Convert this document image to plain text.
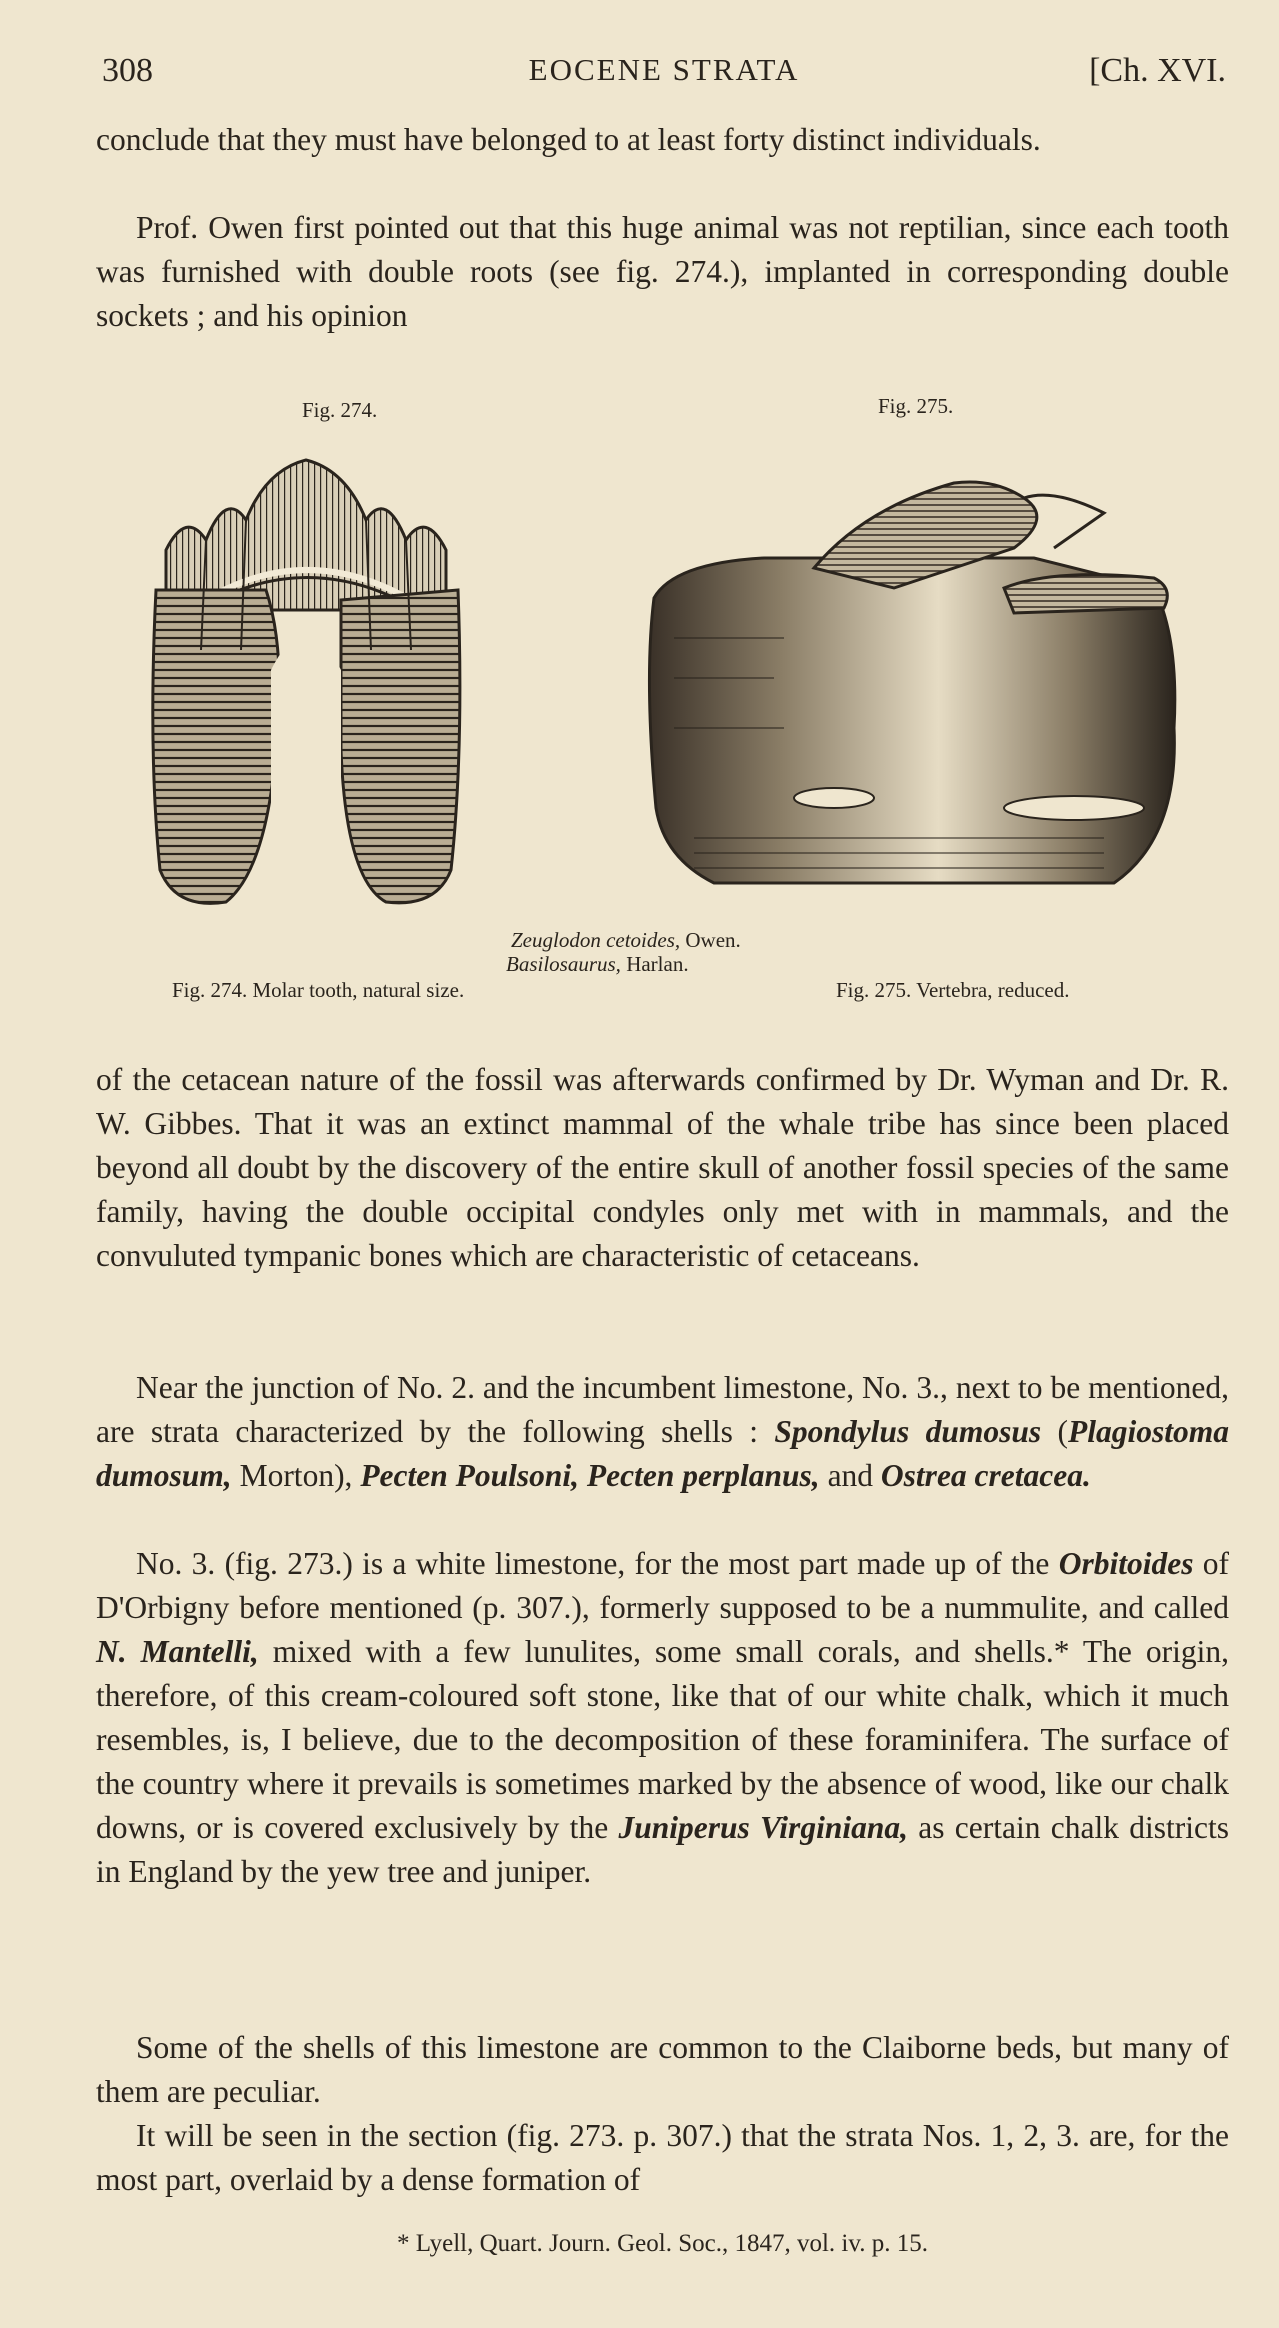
308	EOCENE STRATA	[Ch. XVI.
conclude that they must have belonged to at least forty distinct individuals.
Prof. Owen first pointed out that this huge animal was not reptilian, since each tooth was furnished with double roots (see fig. 274.), implanted in corresponding double sockets ; and his opinion
Fig. 274.	Fig. 275.
Zeuglodon cetoides, Owen.
Basilosaurus, Harlan.
Fig. 274. Molar tooth, natural size.	Fig. 275. Vertebra, reduced.
of the cetacean nature of the fossil was afterwards confirmed by Dr. Wyman and Dr. R. W. Gibbes. That it was an extinct mammal of the whale tribe has since been placed beyond all doubt by the discovery of the entire skull of another fossil species of the same family, having the double occipital condyles only met with in mammals, and the convuluted tympanic bones which are characteristic of cetaceans.
Near the junction of No. 2. and the incumbent limestone, No. 3., next to be mentioned, are strata characterized by the following shells : Spondylus dumosus (Plagiostoma dumosum, Morton), Pecten Poulsoni, Pecten perplanus, and Ostrea cretacea.
No. 3. (fig. 273.) is a white limestone, for the most part made up of the Orbitoides of D'Orbigny before mentioned (p. 307.), formerly supposed to be a nummulite, and called N. Mantelli, mixed with a few lunulites, some small corals, and shells.* The origin, therefore, of this cream-coloured soft stone, like that of our white chalk, which it much resembles, is, I believe, due to the decomposition of these foraminifera. The surface of the country where it prevails is sometimes marked by the absence of wood, like our chalk downs, or is covered exclusively by the Juniperus Virginiana, as certain chalk districts in England by the yew tree and juniper.
Some of the shells of this limestone are common to the Claiborne beds, but many of them are peculiar.
It will be seen in the section (fig. 273. p. 307.) that the strata Nos. 1, 2, 3. are, for the most part, overlaid by a dense formation of
* Lyell, Quart. Journ. Geol. Soc., 1847, vol. iv. p. 15.
